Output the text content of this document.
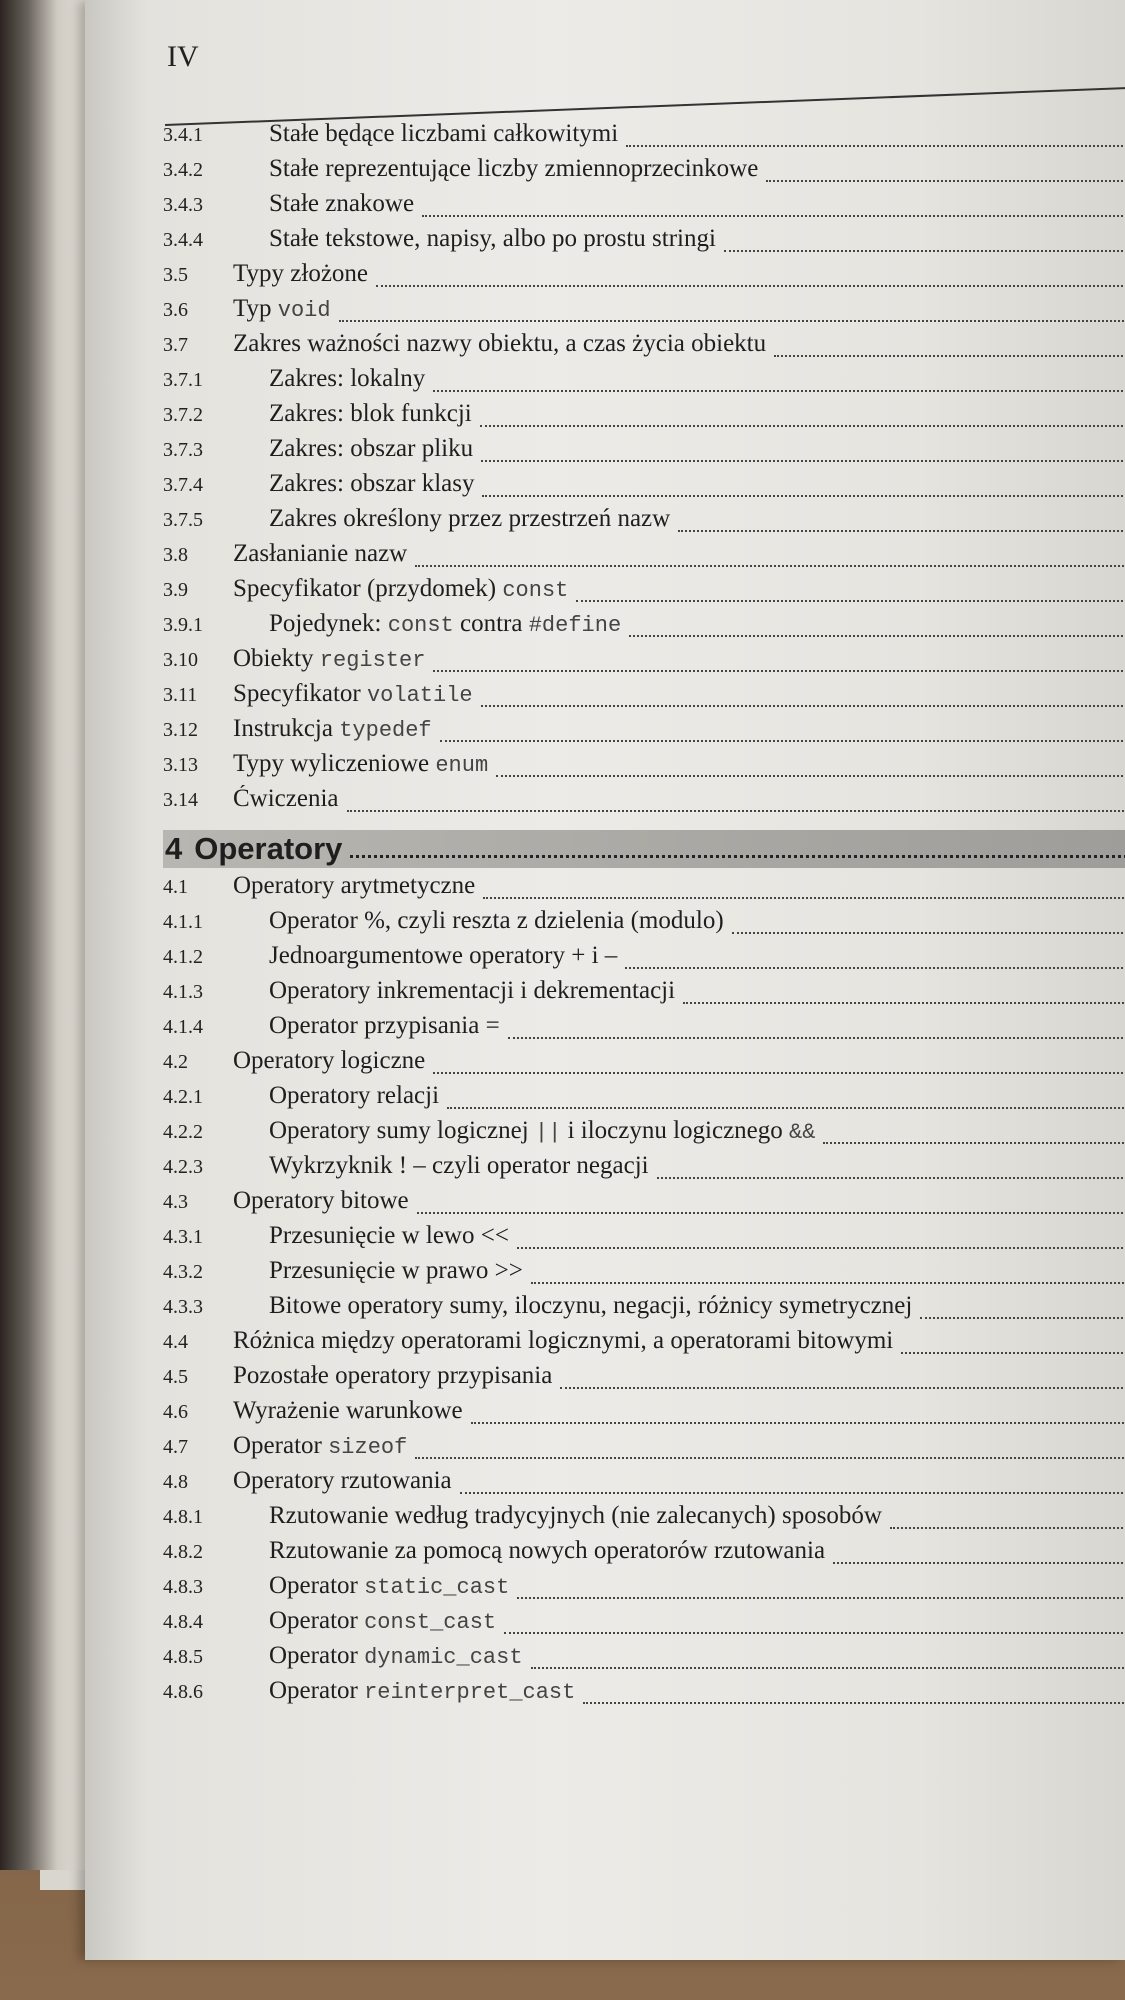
IV
3.4.1	Stałe będące liczbami całkowitymi
3.4.2	Stałe reprezentujące liczby zmiennoprzecinkowe
3.4.3	Stałe znakowe
3.4.4	Stałe tekstowe, napisy, albo po prostu stringi
3.5	Typy złożone
3.6	Typ void
3.7	Zakres ważności nazwy obiektu, a czas życia obiektu
3.7.1	Zakres: lokalny
3.7.2	Zakres: blok funkcji
3.7.3	Zakres: obszar pliku
3.7.4	Zakres: obszar klasy
3.7.5	Zakres określony przez przestrzeń nazw
3.8	Zasłanianie nazw
3.9	Specyfikator (przydomek) const
3.9.1	Pojedynek: const contra #define
3.10	Obiekty register
3.11	Specyfikator volatile
3.12	Instrukcja typedef
3.13	Typy wyliczeniowe enum
3.14	Ćwiczenia
4 Operatory
4.1	Operatory arytmetyczne
4.1.1	Operator %, czyli reszta z dzielenia (modulo)
4.1.2	Jednoargumentowe operatory + i –
4.1.3	Operatory inkrementacji i dekrementacji
4.1.4	Operator przypisania =
4.2	Operatory logiczne
4.2.1	Operatory relacji
4.2.2	Operatory sumy logicznej || i iloczynu logicznego &&
4.2.3	Wykrzyknik ! – czyli operator negacji
4.3	Operatory bitowe
4.3.1	Przesunięcie w lewo <<
4.3.2	Przesunięcie w prawo >>
4.3.3	Bitowe operatory sumy, iloczynu, negacji, różnicy symetrycznej
4.4	Różnica między operatorami logicznymi, a operatorami bitowymi
4.5	Pozostałe operatory przypisania
4.6	Wyrażenie warunkowe
4.7	Operator sizeof
4.8	Operatory rzutowania
4.8.1	Rzutowanie według tradycyjnych (nie zalecanych) sposobów
4.8.2	Rzutowanie za pomocą nowych operatorów rzutowania
4.8.3	Operator static_cast
4.8.4	Operator const_cast
4.8.5	Operator dynamic_cast
4.8.6	Operator reinterpret_cast
